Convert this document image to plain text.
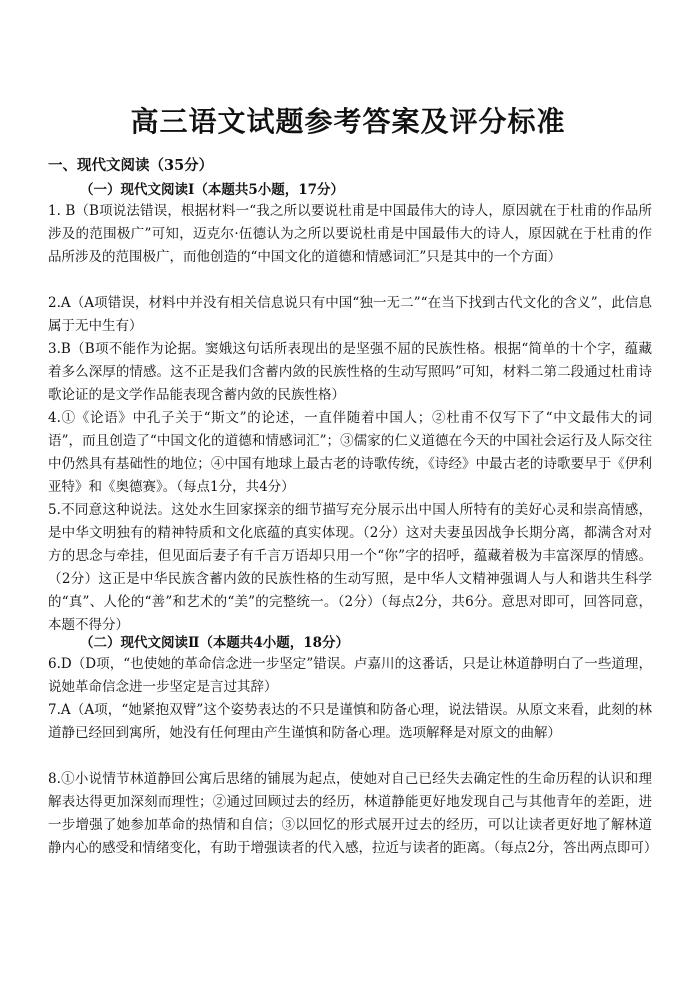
高三语文试题参考答案及评分标准
一、现代文阅读（35分）
（一）现代文阅读Ⅰ（本题共5小题，17分）
1. B（B项说法错误，根据材料一“我之所以要说杜甫是中国最伟大的诗人，原因就在于杜甫的作品所涉及的范围极广”可知，迈克尔·伍德认为之所以要说杜甫是中国最伟大的诗人，原因就在于杜甫的作品所涉及的范围极广，而他创造的“中国文化的道德和情感词汇”只是其中的一个方面）
2.A（A项错误，材料中并没有相关信息说只有中国“独一无二”“在当下找到古代文化的含义”，此信息属于无中生有）
3.B（B项不能作为论据。窦娥这句话所表现出的是坚强不屈的民族性格。根据“简单的十个字，蕴藏着多么深厚的情感。这不正是我们含蓄内敛的民族性格的生动写照吗”可知，材料二第二段通过杜甫诗歌论证的是文学作品能表现含蓄内敛的民族性格）
4.①《论语》中孔子关于“斯文”的论述，一直伴随着中国人；②杜甫不仅写下了“中文最伟大的词语”，而且创造了“中国文化的道德和情感词汇”；③儒家的仁义道德在今天的中国社会运行及人际交往中仍然具有基础性的地位；④中国有地球上最古老的诗歌传统，《诗经》中最古老的诗歌要早于《伊利亚特》和《奥德赛》。（每点1分，共4分）
5.不同意这种说法。这处水生回家探亲的细节描写充分展示出中国人所特有的美好心灵和崇高情感，是中华文明独有的精神特质和文化底蕴的真实体现。（2分）这对夫妻虽因战争长期分离，都满含对对方的思念与牵挂，但见面后妻子有千言万语却只用一个“你”字的招呼，蕴藏着极为丰富深厚的情感。（2分）这正是中华民族含蓄内敛的民族性格的生动写照，是中华人文精神强调人与人和谐共生科学的“真”、人伦的“善”和艺术的“美”的完整统一。（2分）（每点2分，共6分。意思对即可，回答同意，本题不得分）
（二）现代文阅读Ⅱ（本题共4小题，18分）
6.D（D项，“也使她的革命信念进一步坚定”错误。卢嘉川的这番话，只是让林道静明白了一些道理，说她革命信念进一步坚定是言过其辞）
7.A（A项，“她紧抱双臂”这个姿势表达的不只是谨慎和防备心理，说法错误。从原文来看，此刻的林道静已经回到寓所，她没有任何理由产生谨慎和防备心理。选项解释是对原文的曲解）
8.①小说情节林道静回公寓后思绪的铺展为起点，使她对自己已经失去确定性的生命历程的认识和理解表达得更加深刻而理性；②通过回顾过去的经历，林道静能更好地发现自己与其他青年的差距，进一步增强了她参加革命的热情和自信；③以回忆的形式展开过去的经历，可以让读者更好地了解林道静内心的感受和情绪变化，有助于增强读者的代入感，拉近与读者的距离。（每点2分，答出两点即可）
